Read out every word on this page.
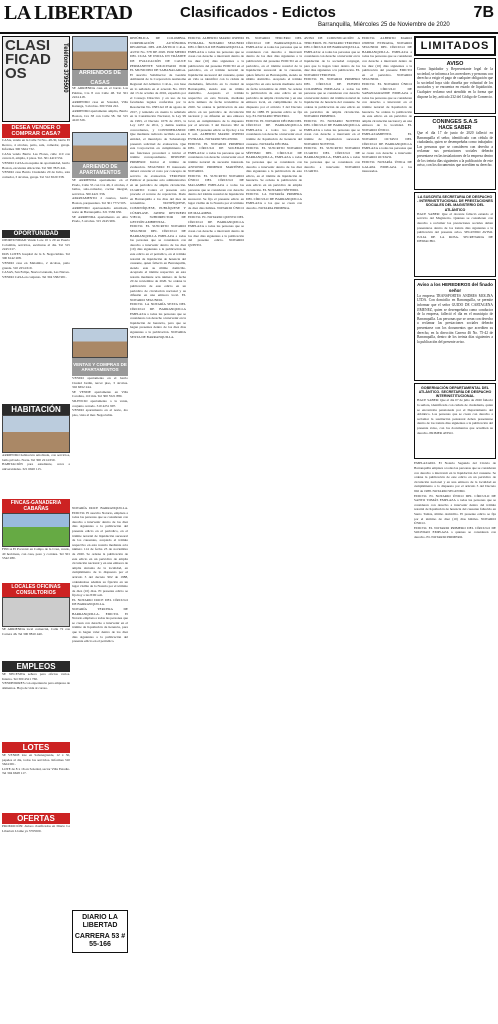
LA LIBERTAD	Clasificados - Edictos
Barranquilla, Miércoles 25 de Noviembre de 2020
7B
CLASIFICADOS	Teléfono 3795500
DESEA VENDER O COMPRAR CASA?
CASA, vendo en la Calle 74 Nro. 48-30, barrio El Recreo, 4 alcobas, patio, sala, comedor, garaje. Informes 300 5624 732.
CASA vendo Barrio Las Flores, calle 110 con carrera 6, amplia, 2 pisos. Tel. 301 4419 552.
VENDO CASA en esquina de oportunidad, barrio Boston, excelente ubicación. Tel 300 7825 441.
VENDO casa Barrio Ciudadela 20 de Julio, sala comedor, 3 alcobas, garaje. Tel 312 6520 338.
OPORTUNIDAD
OPORTUNIDAD Vendo Lote 10 x 20 en Puerto Colombia, servicios, escrituras al día. Tel 315 2245 017.
DOS LOTES hospital de la 6. Negociables. Tel 300 6142 208.
VENDO casa en Malambo, 2 alcobas, patio grande. 310 2254 619.
CASAS, San Felipe, Nueva Granada, Las Nieves.
VENDO CASA en conjunto. Tel 304 5582 901.
HABITACIÓN
ARRIENDO habitación amoblada, con servicios, baño privado. Norte. Tel 300 2214 650.
HABITACIÓN para estudiante, cerca a universidades. 321 6620 115.
FINCAS-GANADERIA CABAÑAS
FINCA El Porvenir en Campo de la Cruz, vendo, 40 hectáreas, con casa, pozo y corrales. Tel 301 5542 280.
LOCALES OFICINAS CONSULTORIOS
SE ARRIENDA local comercial, Calle 72 con Carrera 46. Tel 300 8810 440.
EMPLEOS
SE NECESITA señora para oficios varios. Interna. Tel 300 4521 760.
VENDEDORES con experiencia para empresa de alimentos. Hoja de vida al correo.
LOTES
SE VENDE lote en Sabanagrande, 12 x 30, papeles al día, todos los servicios. Informes 310 5624 001.
LOTE de 8 x 16 en Soledad, sector Villa Estadio. Tel 304 6628 117.
OFERTAS
PROMOCIÓN: Avisos clasificados en Diario La Libertad. Llame ya 3795500.
ARRIENDOS DE CASAS
SE ARRIENDA casa en el barrio Las Palmas, Cra 8 con Calle 48. Tel 301 2224 418.
ARRIENDO casa en Soledad, Villa Katanga, 3 alcobas. 300 5504 222.
ARRIENDO apartamento amplio, Barrio Boston, Cra 38 con Calle 58. Tel 315 4410 326.
ARRIENDO DE APARTAMENTOS
SE ARRIENDA apartamento en el Prado, Calle 55 con Cra 46, 2 alcobas, 2 baños, sala-comedor, cocina integral, servicios. 300 4421 336.
APARTAMENTO 2 cuartos, barrio Boston, parqueadero. Tel 301 7772 505.
ARRIENDO apartaestudio amoblado, norte de Barranquilla. 321 5582 630.
SE ARRIENDA apartamento en Alto Prado, 3 alcobas. 315 2245 906.
VENTAS Y COMPRAS DE APARTAMENTOS
VENDO apartamento en el barrio Ciudad Jardín, tercer piso, 3 alcobas. 302 6652 244.
SE VENDE apartamento en Villa Carolina, 110 mts. Tel 300 5521 880.
SILENCIO apartamento a la venta, conjunto cerrado. 310 4251 997.
VENDO apartamento en el norte, 4to piso, vista al mar. Negociable.
NOTARÍA DOCE BARRANQUILLA. EDICTO. El suscrito Notario, emplaza a todas las personas que se consideren con derecho a intervenir dentro de los diez días siguientes a la publicación del presente edicto en el periódico, en el trámite notarial de liquidación sucesoral de los causantes, aceptado el trámite respectivo en esta notaría mediante acta número 114 de fecha 23 de noviembre de 2020. Se ordena la publicación de este edicto en un periódico de amplia circulación nacional y en una emisora de amplia sintonía de la localidad, en cumplimiento de lo dispuesto por el artículo 3 del decreto 902 de 1988, ordenándose además su fijación en un lugar visible de la Notaría por el término de diez (10) días. El presente edicto se fija hoy a las 8:00 a.m.
EL NOTARIO DOCE DEL CÍRCULO DE BARRANQUILLA.
NOTARÍA TERCERA DE BARRANQUILLA. EDICTO. El Notario emplaza a todas las personas que se crean con derecho a intervenir en el trámite de liquidación de herencia, para que lo hagan valer dentro de los diez días siguientes a la publicación del presente edicto en el periódico.
DIARIO LA LIBERTAD
CARRERA 53 # 55-166
REPÚBLICA DE COLOMBIA. CORPORACIÓN AUTÓNOMA REGIONAL DEL ATLÁNTICO C.R.A. AUTO No. 578 DE 2020. POR MEDIO DEL CUAL SE INICIA UN TRÁMITE DE EVALUACIÓN DE CAUCE PERMANENTE SOLICITADO POR EL MUNICIPIO DE SABANALARGA. El suscrito Subdirector de Gestión Ambiental de la Corporación Autónoma Regional del Atlántico C.R.A., con base en lo señalado en el acuerdo No. 0015 del 13 de octubre de 2016, expedido por el Consejo Directivo y en uso de las facultades legales conferidas por la Resolución No. 0583 del 18 de agosto de 2017, y teniendo en cuenta lo señalado en la Constitución Nacional, la Ley 99 de 1993, el Decreto 1076 de 2015, la Ley 1437 de 2011, y demás normas concordantes, y CONSIDERANDO: Que mediante radicado recibido en esta entidad, el municipio de Sabanalarga presentó solicitud de evaluación. Que esta Corporación en cumplimiento de sus funciones procederá a iniciar el trámite correspondiente. DISPONE: PRIMERO: Iniciar el trámite de evaluación. SEGUNDO: El interesado deberá cancelar el costo por concepto de servicio de evaluación. TERCERO: Publicar el presente acto administrativo en un periódico de amplia circulación. CUARTO: Contra el presente acto procede el recurso de reposición. Dado en Barranquilla a los días del mes de noviembre. NOTIFÍQUESE, COMUNÍQUESE, PUBLÍQUESE Y CÚMPLASE. JAVIER RESTREPO VIECO, SUBDIRECTOR DE GESTIÓN AMBIENTAL.
EDICTO. EL SUSCRITO NOTARIO SEGUNDO DEL CÍRCULO DE BARRANQUILLA EMPLAZA a todas las personas que se consideren con derecho a intervenir dentro de los diez (10) días siguientes a la publicación de este edicto en el periódico, en el trámite notarial de liquidación de herencia del causante, quien falleció en Barranquilla, siendo este su último domicilio. Aceptado el trámite respectivo en esta notaría mediante acta número de fecha 20 de noviembre de 2020. Se ordena la publicación de este edicto en un periódico de circulación nacional y su difusión en una emisora local. EL NOTARIO SEGUNDO.
EDICTO. LA NOTARÍA SEXTA DEL CÍRCULO DE BARRANQUILLA EMPLAZA a todas las personas que se consideren con derecho a intervenir en la liquidación de herencia, para que se hagan presentes dentro de los diez días siguientes a la publicación. NOTARIA SEXTA DE BARRANQUILLA.
EDICTO. ALBERTO MARIO OSPINO ESTRADA. NOTARIO SEGUNDO DEL CÍRCULO DE BARRANQUILLA. EMPLAZA a todas las personas que se crean con derecho a intervenir dentro de los diez (10) días siguientes a la publicación del presente EDICTO en el periódico, en el trámite notarial de liquidación sucesoral del causante, quien en vida se identificó con la cédula de ciudadanía, fallecido en la ciudad de Barranquilla, siendo este su último domicilio. Aceptado el trámite respectivo en esta Notaría, mediante Acta número de fecha noviembre de 2020. Se ordena la publicación de este edicto en un periódico de circulación nacional y su difusión en una emisora local, en cumplimiento de lo dispuesto por el artículo 3 del Decreto 902 de 1988. El presente edicto se fija hoy a las 8 a.m. ALBERTO MARIO OSPINO ESTRADA. NOTARIO SEGUNDO.
EDICTO. EL NOTARIO PRIMERO DEL CÍRCULO DE SOLEDAD EMPLAZA: a todas las personas que se consideren con derecho a intervenir en el trámite notarial de sucesión intestada. ANTONIO PRIMERO MARTÍNEZ, NOTARIO.
EDICTO. EL SUSCRITO NOTARIO ÚNICO DEL CÍRCULO DE MALAMBO EMPLAZA a todas las personas que se consideren con derecho dentro del trámite notarial de liquidación sucesoral. Se fija el presente edicto en lugar visible de la Notaría por el término de diez días hábiles. NOTARIO ÚNICO DE MALAMBO.
EDICTO. EL NOTARIO QUINTO DEL CÍRCULO DE BARRANQUILLA EMPLAZA a todas las personas que se crean con derecho a intervenir dentro de los diez días siguientes a la publicación del presente edicto. NOTARIO QUINTO.
EL NOTARIO TERCERO DEL CÍRCULO DE BARRANQUILLA. EMPLAZA: A todas las personas que se consideren con derecho a intervenir dentro de los diez días siguientes a la publicación del presente EDICTO en el periódico, en el trámite notarial de la liquidación sucesoral de la causante, quien falleció en Barranquilla, siendo su último domicilio. Aceptado el trámite respectivo en esta notaría mediante Acta de fecha noviembre de 2020. Se ordena la publicación de este edicto en un periódico de amplia circulación y en una emisora local, en cumplimiento de lo dispuesto por el artículo 3 del Decreto 902 de 1988. El presente edicto se fija hoy. EL NOTARIO TERCERO.
EDICTO. EL NOTARIO DÉCIMO DEL CÍRCULO DE BARRANQUILLA EMPLAZA a todos los que se consideren con derecho a intervenir en el trámite de liquidación de herencia del causante. NOTARÍA DÉCIMA.
EDICTO. EL SUSCRITO NOTARIO SÉPTIMO DEL CÍRCULO DE BARRANQUILLA, EMPLAZA a todas las personas que se consideren con derecho a intervenir dentro de los diez días siguientes a la publicación de este edicto, en el trámite de liquidación de herencia. Se ordena la publicación de este edicto en un periódico de amplia circulación. EL NOTARIO SÉPTIMO.
EDICTO. LA NOTARÍA PRIMERA DEL CÍRCULO DE BARRANQUILLA EMPLAZA a los que se crean con derecho. NOTARIA PRIMERA.
AVISO DE COMUNICACIÓN A TERCEROS. EL NOTARIO TERCERO DEL CÍRCULO DE BARRANQUILLA. EMPLAZA: A todas las personas que se consideren con derecho a intervenir en la liquidación de la sociedad conyugal, para que lo hagan valer dentro de los diez días siguientes a la publicación. EL NOTARIO TERCERO.
EDICTO. EL NOTARIO PRIMERO DEL CÍRCULO DE PUERTO COLOMBIA EMPLAZA a todas las personas que se consideren con derecho a intervenir dentro del trámite notarial de liquidación de herencia del causante. Se ordena la publicación de este edicto en un periódico de amplia circulación. NOTARIO PRIMERO.
EDICTO. EL NOTARIO NOVENO DEL CÍRCULO DE BARRANQUILLA EMPLAZA a todas las personas que se crean con derecho a intervenir en el trámite de liquidación sucesoral. NOTARIO NOVENO.
EDICTO. EL SUSCRITO NOTARIO CUARTO DEL CÍRCULO DE BARRANQUILLA, EMPLAZA a todas las personas que se consideren con derecho a intervenir. NOTARIO CUARTO.
EDICTO. ALBERTO MARIO OSPINO ESTRADA, NOTARIO SEGUNDO DEL CÍRCULO DE BARRANQUILLA. EMPLAZA a todas las personas que se consideren con derecho a intervenir dentro de los diez (10) días siguientes a la publicación del presente EDICTO en el periódico. NOTARIO SEGUNDO.
EDICTO. EL NOTARIO ÚNICO DEL CÍRCULO DE SABANAGRANDE EMPLAZA a todas las personas que se consideren con derecho a intervenir en el trámite notarial de liquidación de herencia. Se ordena la publicación de este edicto en un periódico de amplia circulación nacional y en una emisora de la localidad. EL NOTARIO ÚNICO.
EMPLAZAMIENTO. EL NOTARIO OCTAVO DEL CÍRCULO DE BARRANQUILLA EMPLAZA a todas las personas que se crean con derecho a intervenir. NOTARIO OCTAVO.
EDICTO. NOTARÍA ÚNICA DE GALAPA EMPLAZA a los interesados.
LIMITADOS
AVISO
Como liquidador y Representante legal de la sociedad, se informa a los acreedores y personas con derecho a exigir el pago de cualquier obligación que la sociedad haya sido disuelta por voluntad de los asociados y se encuentra en estado de liquidación. Cualquier reclamo será atendido en la forma que dispone la ley, artículo 232 del Código de Comercio.
CONINGES S.A.S
HACE SABER
Que el día 17 de junio de 2020 falleció en Barranquilla el señor, identificado con cédula de ciudadanía, quien se desempeñaba como trabajador. Las personas que se consideren con derecho a reclamar sus prestaciones sociales deberán presentarse en las instalaciones de la empresa dentro de los treinta días siguientes a la publicación de este aviso, con los documentos que acrediten su derecho.
LA SUSCRITA SECRETARIA DE DESPACHO - INTERINSTITUCIONAL DE PRESTACIONES SOCIALES DEL MAGISTERIO DEL ATLÁNTICO
HACE SABER: Que el docente falleció estando al servicio del Magisterio. Quienes se consideren con derecho a reclamar las prestaciones sociales deben presentarse dentro de los treinta días siguientes a la publicación del presente aviso. SEGUNDO AVISO. JULIA DE LA ROSA. SECRETARIA DE DESPACHO.
Aviso a los HEREDEROS del finado señor
La empresa TRANSPORTES ANDRES MOLINA LTDA. Con domicilio en Barranquilla, se permite informar que el señor GUIDO DE CARTAGENA JIMENEZ, quien se desempeñaba como conductor de la empresa, falleció el día en el municipio de Barranquilla. Las personas que se crean con derecho a reclamar las prestaciones sociales deberán presentarse con los documentos que acrediten su derecho, en la dirección Carrera 46 No. 75-42 de Barranquilla, dentro de los treinta días siguientes a la publicación del presente aviso.
GOBERNACIÓN DEPARTAMENTAL DEL ATLÁNTICO. SECRETARÍA DE DESPACHO INTERINSTITUCIONAL
HACE SABER: Que el día 07 de julio de 2020 falleció la señora, identificada con cédula de ciudadanía, quien se encontraba pensionada por el Departamento del Atlántico. Las personas que se crean con derecho a reclamar la sustitución pensional deben presentarse dentro de los treinta días siguientes a la publicación del presente aviso, con los documentos que acrediten su derecho. PRIMER AVISO.
EMPLAZADO. El Notario Segundo del Círculo de Barranquilla emplaza a todas las personas que se consideren con derecho a intervenir en la liquidación del causante. Se ordena la publicación de este edicto en un periódico de circulación nacional y en una emisora de la localidad en cumplimiento a lo dispuesto por el artículo 3 del Decreto 902 de 1988. NOTARIO SEGUNDO.
EDICTO. EL NOTARIO ÚNICO DEL CÍRCULO DE SANTO TOMÁS EMPLAZA a todas las personas que se consideren con derecho a intervenir dentro del trámite notarial de liquidación de herencia del causante fallecido en Santo Tomás, último domicilio. El presente edicto se fija por el término de diez (10) días hábiles. NOTARIO ÚNICO.
EDICTO. EL NOTARIO PRIMERO DEL CÍRCULO DE SOLEDAD EMPLAZA a quienes se consideren con derecho. EL NOTARIO PRIMERO.
